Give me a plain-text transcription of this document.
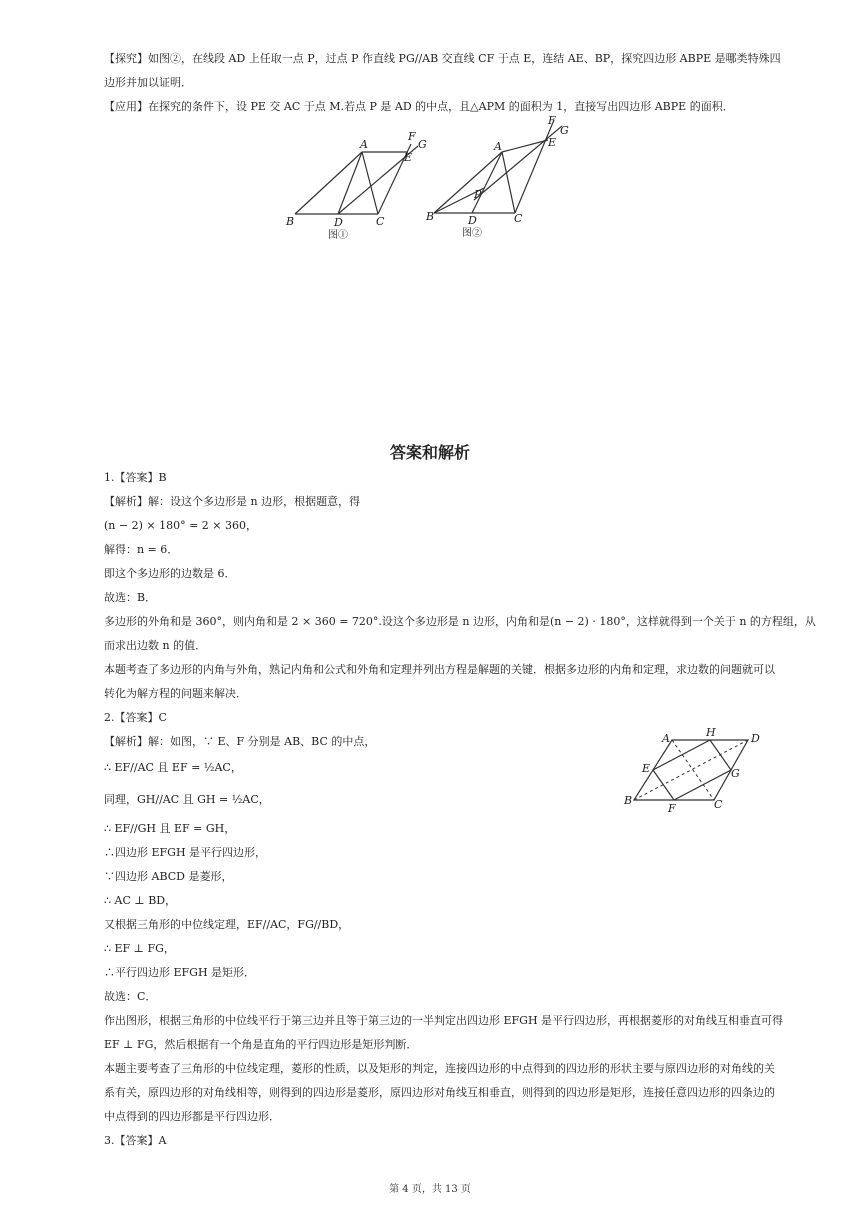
【探究】如图②，在线段 AD 上任取一点 P，过点 P 作直线 PG//AB 交直线 CF 于点 E，连结 AE、BP，探究四边形 ABPE 是哪类特殊四
边形并加以证明．
【应用】在探究的条件下，设 PE 交 AC 于点 M.若点 P 是 AD 的中点，且△APM 的面积为 1，直接写出四边形 ABPE 的面积．
B	D	C
A
F
G
E
图①
B	D	C
A
P
F
G
E
图②
答案和解析
1.【答案】B
【解析】解：设这个多边形是 n 边形，根据题意，得
(n − 2) × 180° = 2 × 360，
解得：n = 6．
即这个多边形的边数是 6．
故选：B．
多边形的外角和是 360°，则内角和是 2 × 360 = 720°.设这个多边形是 n 边形，内角和是(n − 2) · 180°，这样就得到一个关于 n 的方程组，从
而求出边数 n 的值．
本题考查了多边形的内角与外角，熟记内角和公式和外角和定理并列出方程是解题的关键．根据多边形的内角和定理，求边数的问题就可以
转化为解方程的问题来解决．
2.【答案】C
【解析】解：如图，∵ E、F 分别是 AB、BC 的中点，
∴ EF//AC 且 EF = ½AC，
同理，GH//AC 且 GH = ½AC，
∴ EF//GH 且 EF = GH，
∴四边形 EFGH 是平行四边形，
∵四边形 ABCD 是菱形，
∴ AC ⊥ BD，
又根据三角形的中位线定理，EF//AC，FG//BD，
∴ EF ⊥ FG，
∴平行四边形 EFGH 是矩形．
故选：C．
作出图形，根据三角形的中位线平行于第三边并且等于第三边的一半判定出四边形 EFGH 是平行四边形，再根据菱形的对角线互相垂直可得
EF ⊥ FG，然后根据有一个角是直角的平行四边形是矩形判断．
本题主要考查了三角形的中位线定理，菱形的性质，以及矩形的判定，连接四边形的中点得到的四边形的形状主要与原四边形的对角线的关
系有关，原四边形的对角线相等，则得到的四边形是菱形，原四边形对角线互相垂直，则得到的四边形是矩形，连接任意四边形的四条边的
中点得到的四边形都是平行四边形．
A	H	D
E	G
B
F	C
3.【答案】A
第 4 页，共 13 页
